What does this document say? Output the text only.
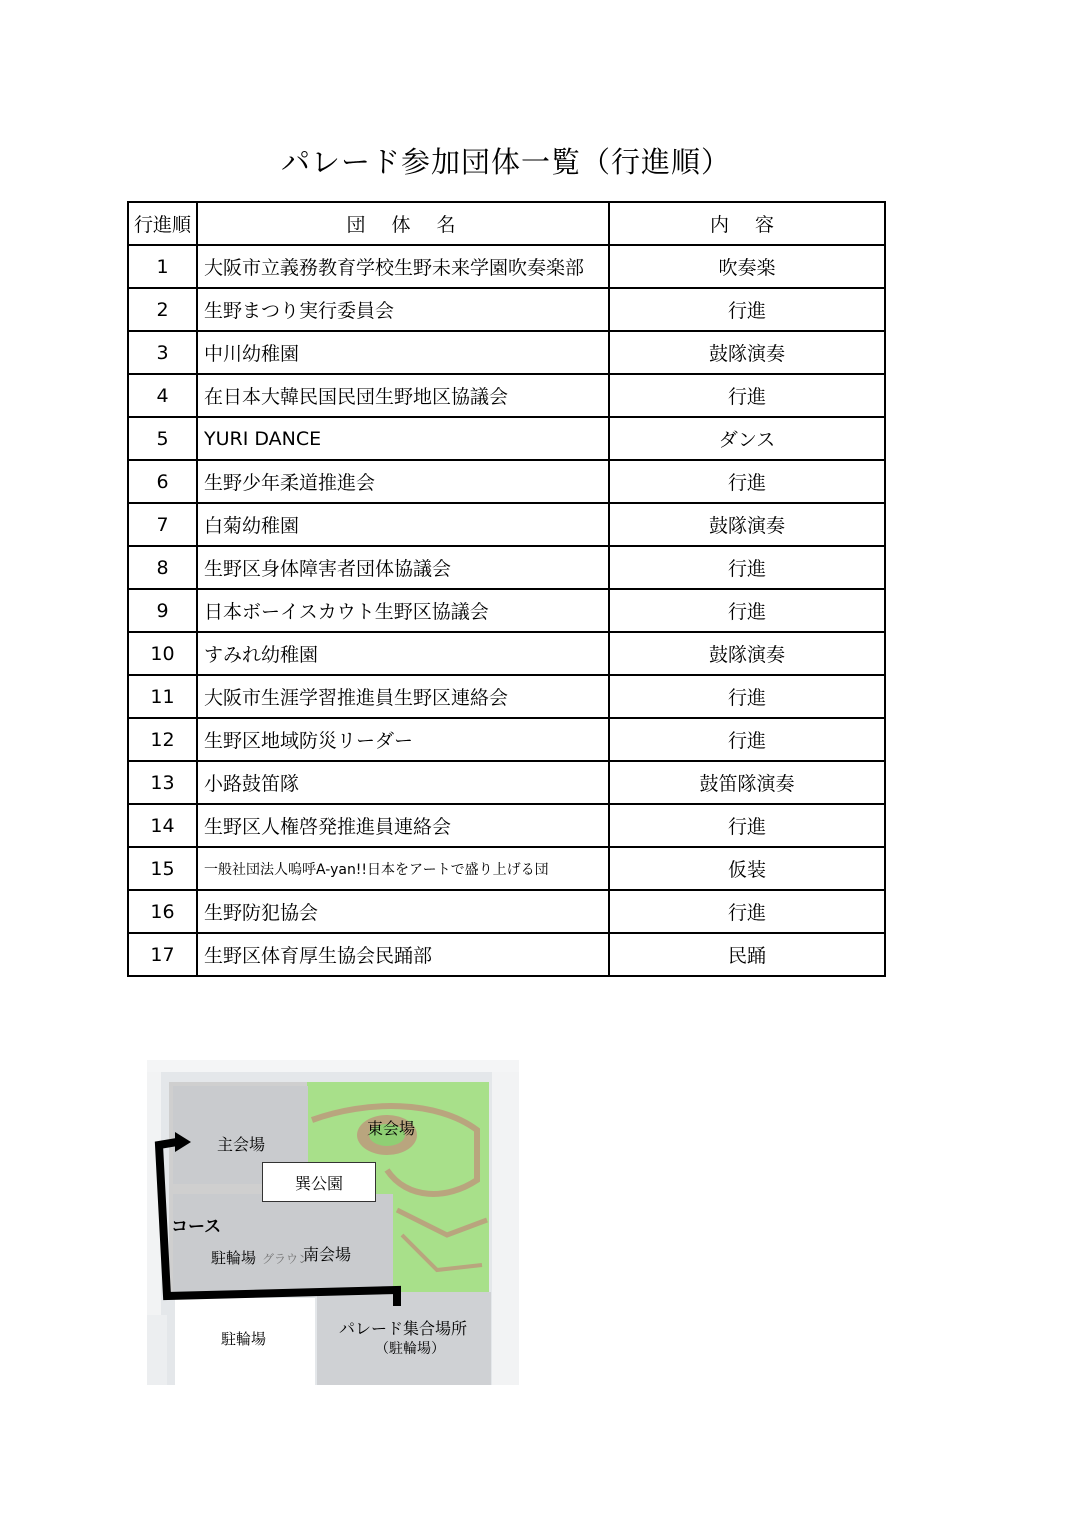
パレード参加団体一覧（行進順）
行進順	団 体 名	内 容
1	大阪市立義務教育学校生野未来学園吹奏楽部	吹奏楽
2	生野まつり実行委員会	行進
3	中川幼稚園	鼓隊演奏
4	在日本大韓民国民団生野地区協議会	行進
5	YURI DANCE	ダンス
6	生野少年柔道推進会	行進
7	白菊幼稚園	鼓隊演奏
8	生野区身体障害者団体協議会	行進
9	日本ボーイスカウト生野区協議会	行進
10	すみれ幼稚園	鼓隊演奏
11	大阪市生涯学習推進員生野区連絡会	行進
12	生野区地域防災リーダー	行進
13	小路鼓笛隊	鼓笛隊演奏
14	生野区人権啓発推進員連絡会	行進
15	一般社団法人嗚呼A-yan!!日本をアートで盛り上げる団	仮装
16	生野防犯協会	行進
17	生野区体育厚生協会民踊部	民踊
主会場
東会場
巽公園
コース
駐輪場 グラウン
南会場
駐輪場
パレード集合場所
（駐輪場）
